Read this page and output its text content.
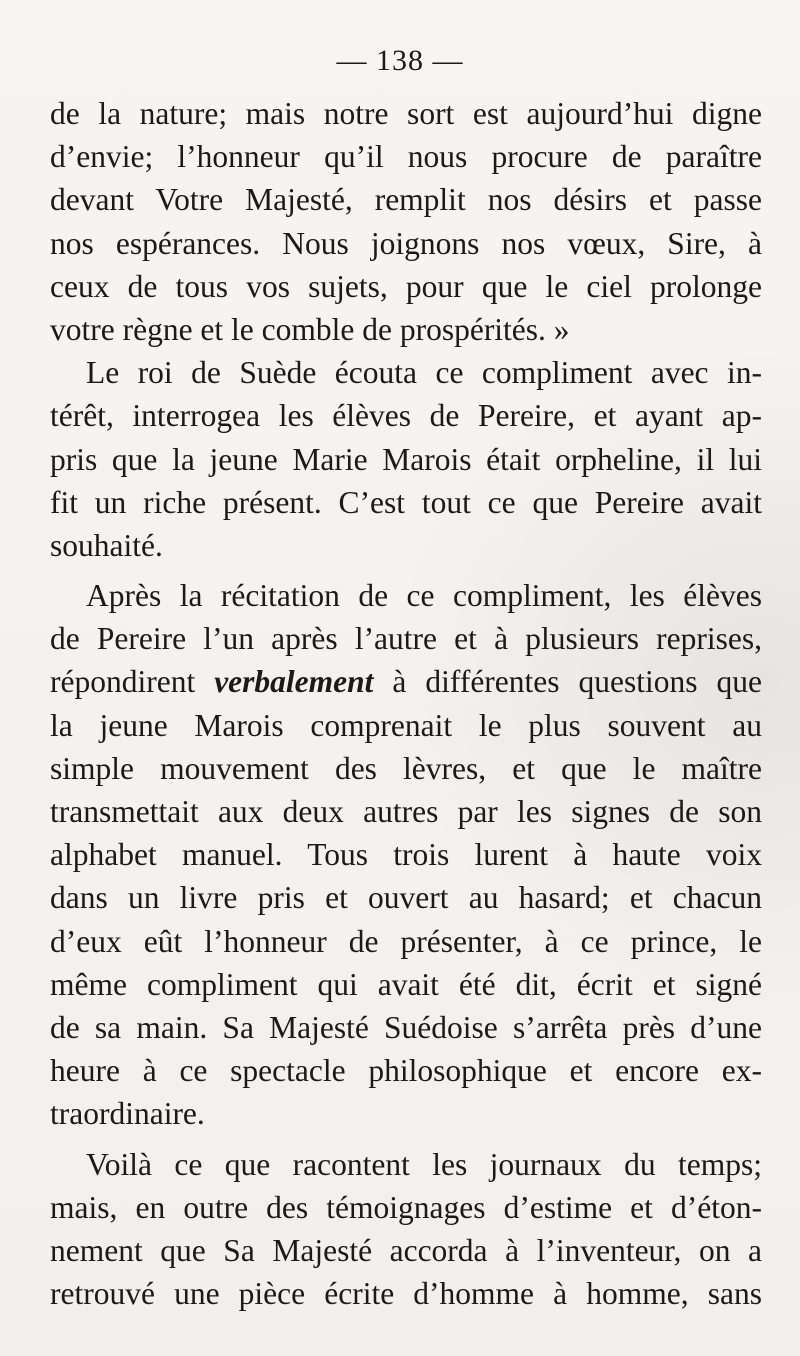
— 138 —
de la nature; mais notre sort est aujourd’hui digne
d’envie; l’honneur qu’il nous procure de paraître
devant Votre Majesté, remplit nos désirs et passe
nos espérances. Nous joignons nos vœux, Sire, à
ceux de tous vos sujets, pour que le ciel prolonge
votre règne et le comble de prospérités. »
Le roi de Suède écouta ce compliment avec in-
térêt, interrogea les élèves de Pereire, et ayant ap-
pris que la jeune Marie Marois était orpheline, il lui
fit un riche présent. C’est tout ce que Pereire avait
souhaité.
Après la récitation de ce compliment, les élèves
de Pereire l’un après l’autre et à plusieurs reprises,
répondirent verbalement à différentes questions que
la jeune Marois comprenait le plus souvent au
simple mouvement des lèvres, et que le maître
transmettait aux deux autres par les signes de son
alphabet manuel. Tous trois lurent à haute voix
dans un livre pris et ouvert au hasard; et chacun
d’eux eût l’honneur de présenter, à ce prince, le
même compliment qui avait été dit, écrit et signé
de sa main. Sa Majesté Suédoise s’arrêta près d’une
heure à ce spectacle philosophique et encore ex-
traordinaire.
Voilà ce que racontent les journaux du temps;
mais, en outre des témoignages d’estime et d’éton-
nement que Sa Majesté accorda à l’inventeur, on a
retrouvé une pièce écrite d’homme à homme, sans
